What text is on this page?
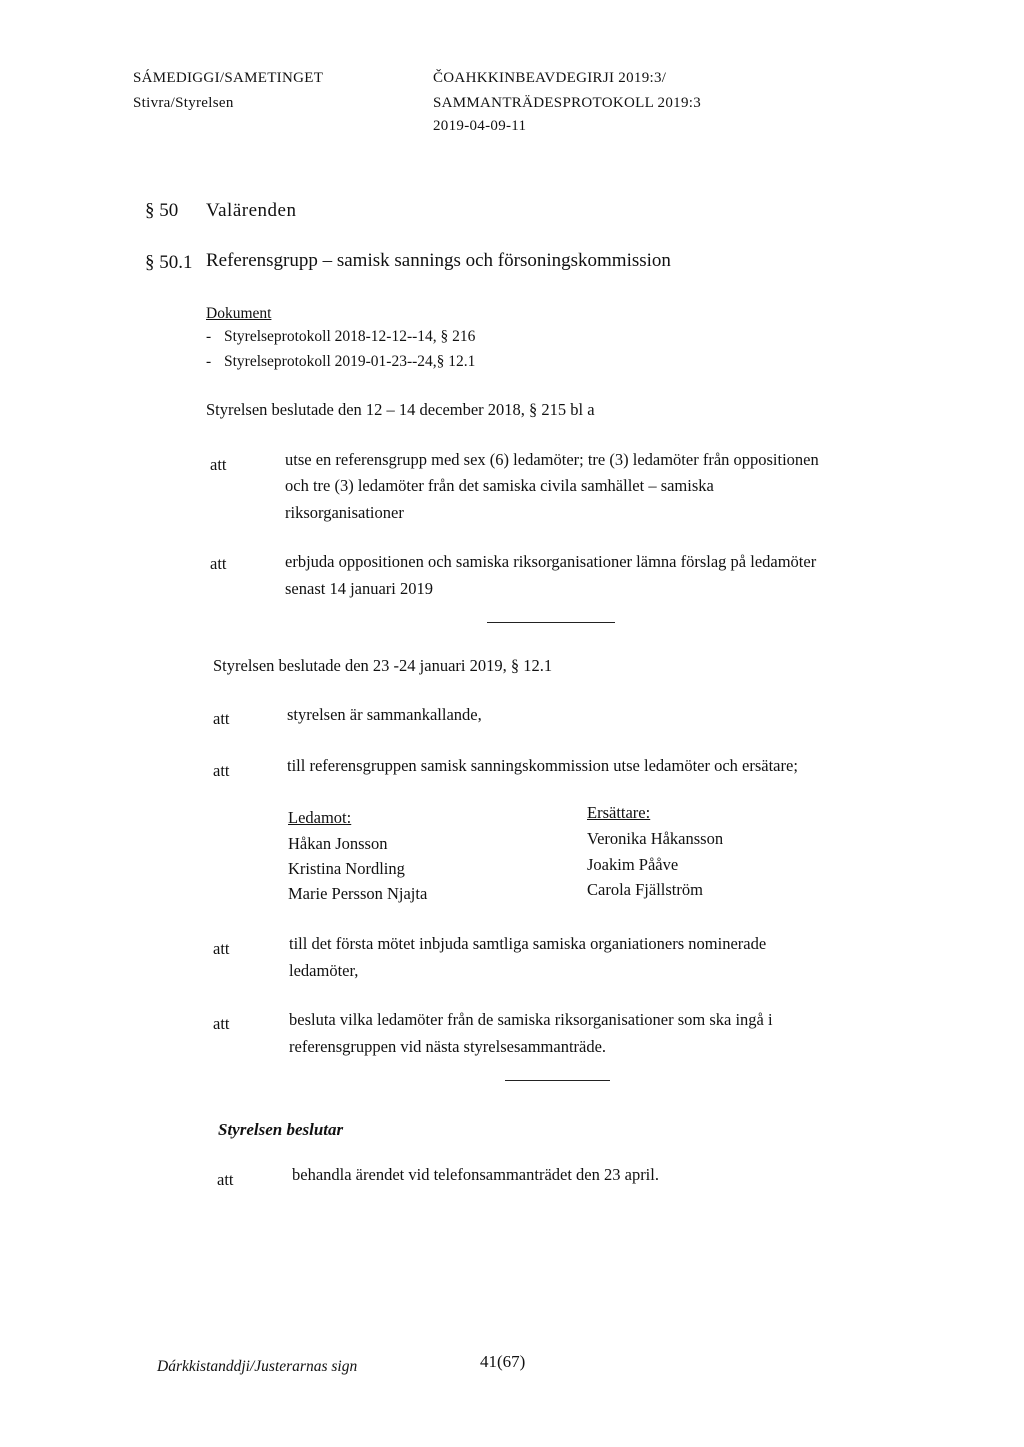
SÁMEDIGGI/SAMETINGET
Stivra/Styrelsen
ČOAHKKINBEAVDEGIRJI 2019:3/
SAMMANTRÄDESPROTOKOLL 2019:3
2019-04-09-11
§ 50 Valärenden
§ 50.1 Referensgrupp – samisk sannings och försoningskommission
Dokument
- Styrelseprotokoll 2018-12-12--14, § 216
- Styrelseprotokoll 2019-01-23--24,§ 12.1
Styrelsen beslutade den 12 – 14 december 2018, § 215 bl a
att	utse en referensgrupp med sex (6) ledamöter; tre (3) ledamöter från oppositionen
och tre (3) ledamöter från det samiska civila samhället – samiska
riksorganisationer
att	erbjuda oppositionen och samiska riksorganisationer lämna förslag på ledamöter
senast 14 januari 2019
Styrelsen beslutade den 23 -24 januari 2019, § 12.1
att	styrelsen är sammankallande,
att	till referensgruppen samisk sanningskommission utse ledamöter och ersätare;
Ledamot:	Ersättare:
Håkan Jonsson	Veronika Håkansson
Kristina Nordling	Joakim Pååve
Marie Persson Njajta	Carola Fjällström
att	till det första mötet inbjuda samtliga samiska organiationers nominerade
ledamöter,
att	besluta vilka ledamöter från de samiska riksorganisationer som ska ingå i
referensgruppen vid nästa styrelsesammanträde.
Styrelsen beslutar
att	behandla ärendet vid telefonsammanträdet den 23 april.
Dárkkistanddji/Justerarnas sign	41(67)
